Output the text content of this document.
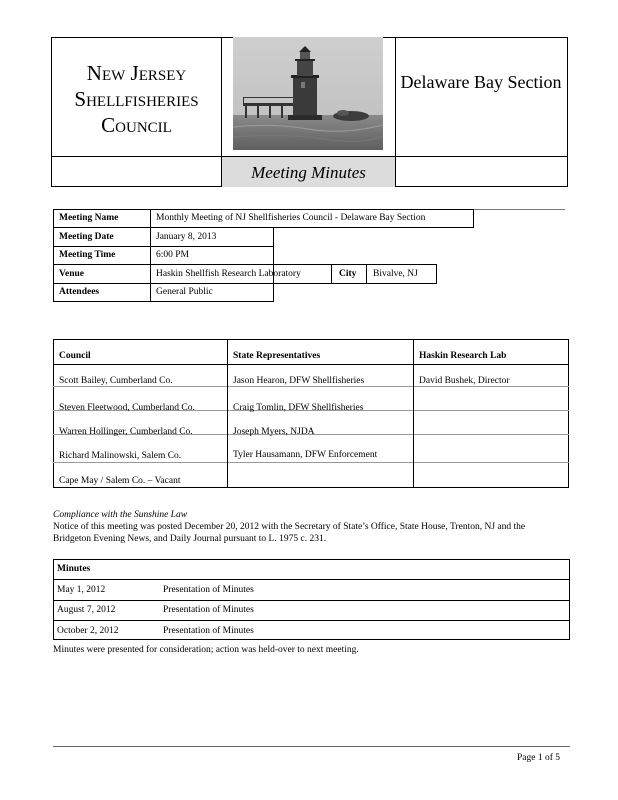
New Jersey
Shellfisheries
Council
Delaware Bay Section
Meeting Minutes
Meeting Name	Monthly Meeting of NJ Shellfisheries Council - Delaware Bay Section
Meeting Date	January 8, 2013
Meeting Time	6:00 PM
Venue	Haskin Shellfish Research Laboratory	City Bivalve, NJ
Attendees	General Public
Council	State Representatives	Haskin Research Lab
Scott Bailey, Cumberland Co.	Jason Hearon, DFW Shellfisheries	David Bushek, Director
Steven Fleetwood, Cumberland Co.	Craig Tomlin, DFW Shellfisheries
Warren Hollinger, Cumberland Co.	Joseph Myers, NJDA
Richard Malinowski, Salem Co.	Tyler Hausamann, DFW Enforcement
Cape May / Salem Co. – Vacant
Compliance with the Sunshine Law
Notice of this meeting was posted December 20, 2012 with the Secretary of State’s Office, State House, Trenton, NJ and the
Bridgeton Evening News, and Daily Journal pursuant to L. 1975 c. 231.
Minutes
May 1, 2012	Presentation of Minutes
August 7, 2012	Presentation of Minutes
October 2, 2012	Presentation of Minutes
Minutes were presented for consideration; action was held-over to next meeting.
Page 1 of 5
